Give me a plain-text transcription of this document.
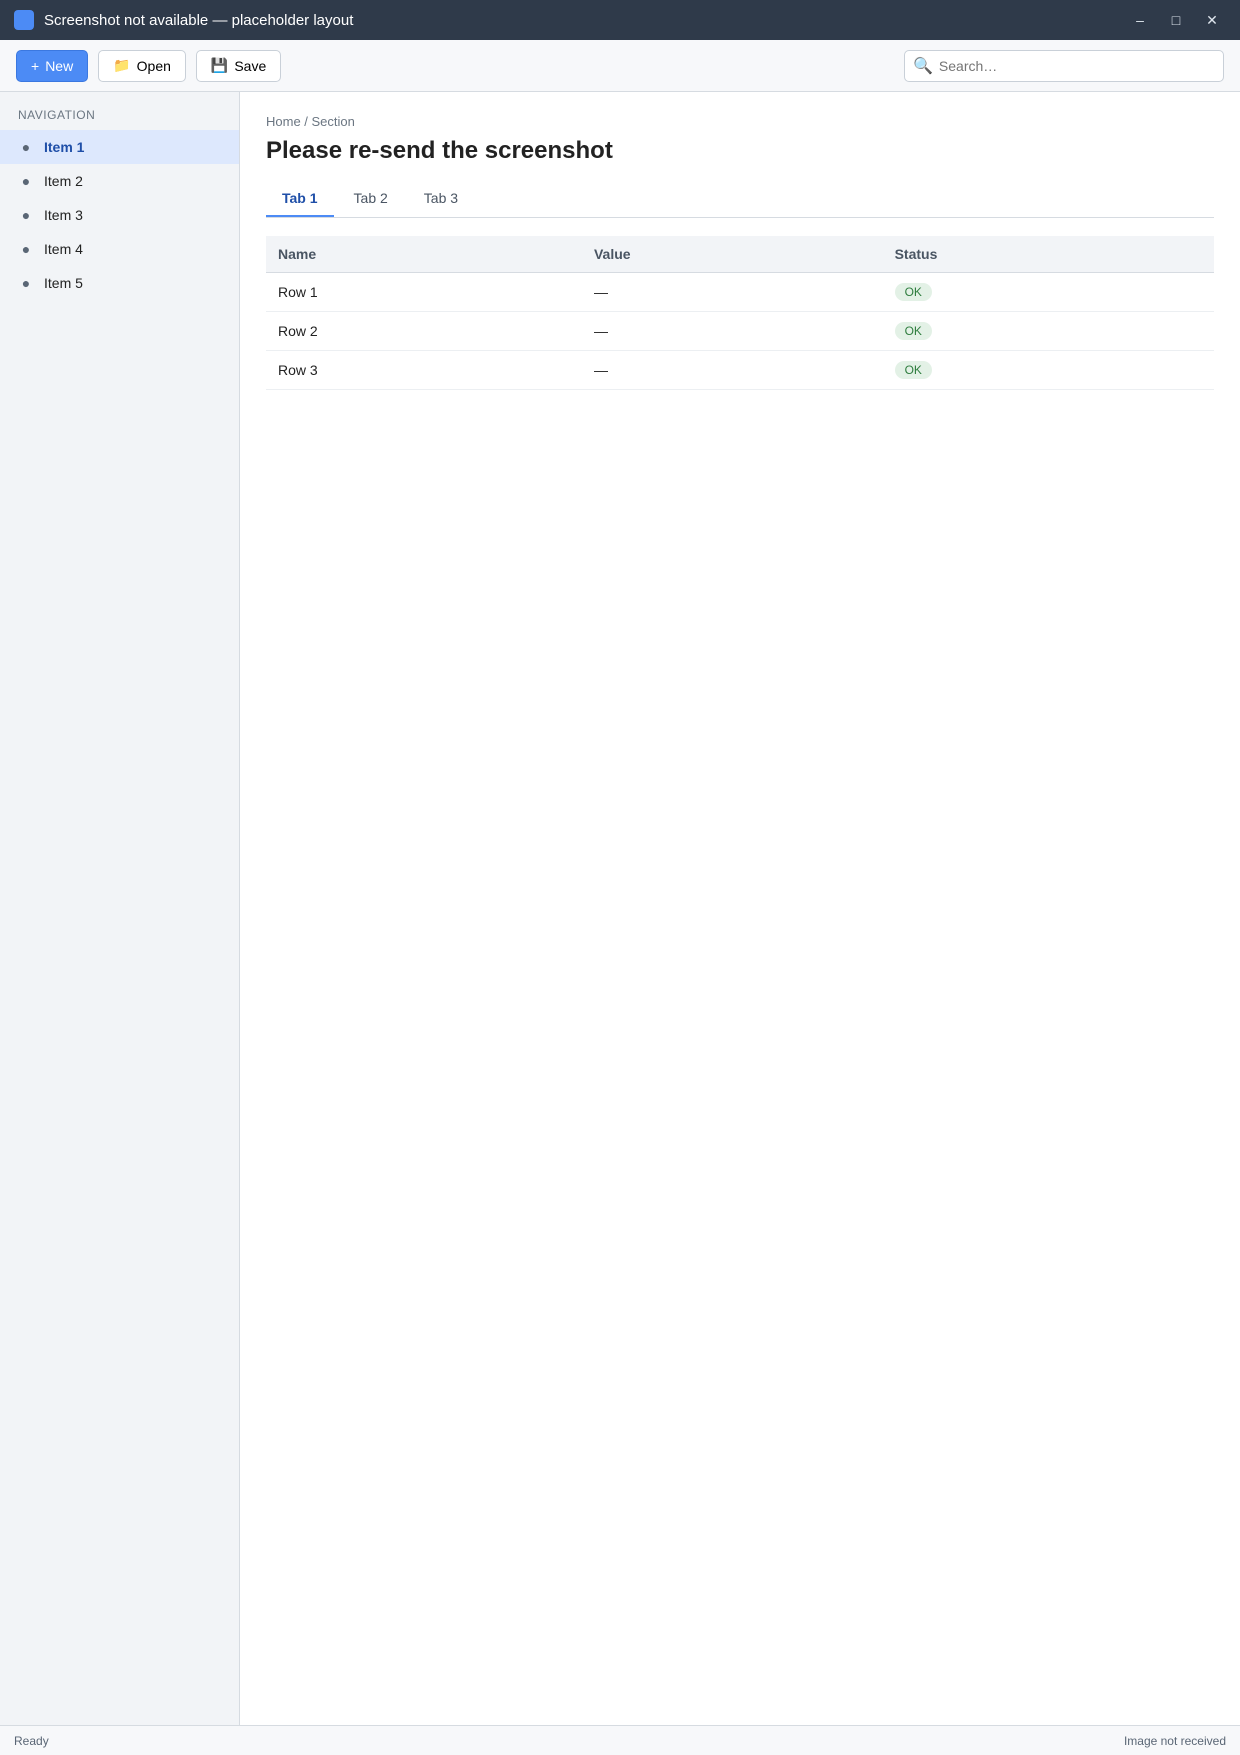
Screenshot not available — placeholder layout	–	□	✕
+ New	📁 Open	💾 Save	🔍
Search…
NAVIGATION
● Item 1
● Item 2
● Item 3
● Item 4
● Item 5
Home / Section
Please re-send the screenshot
Tab 1	Tab 2	Tab 3
Name	Value	Status
Row 1	—	OK
Row 2	—	OK
Row 3	—	OK
Ready	Image not received
